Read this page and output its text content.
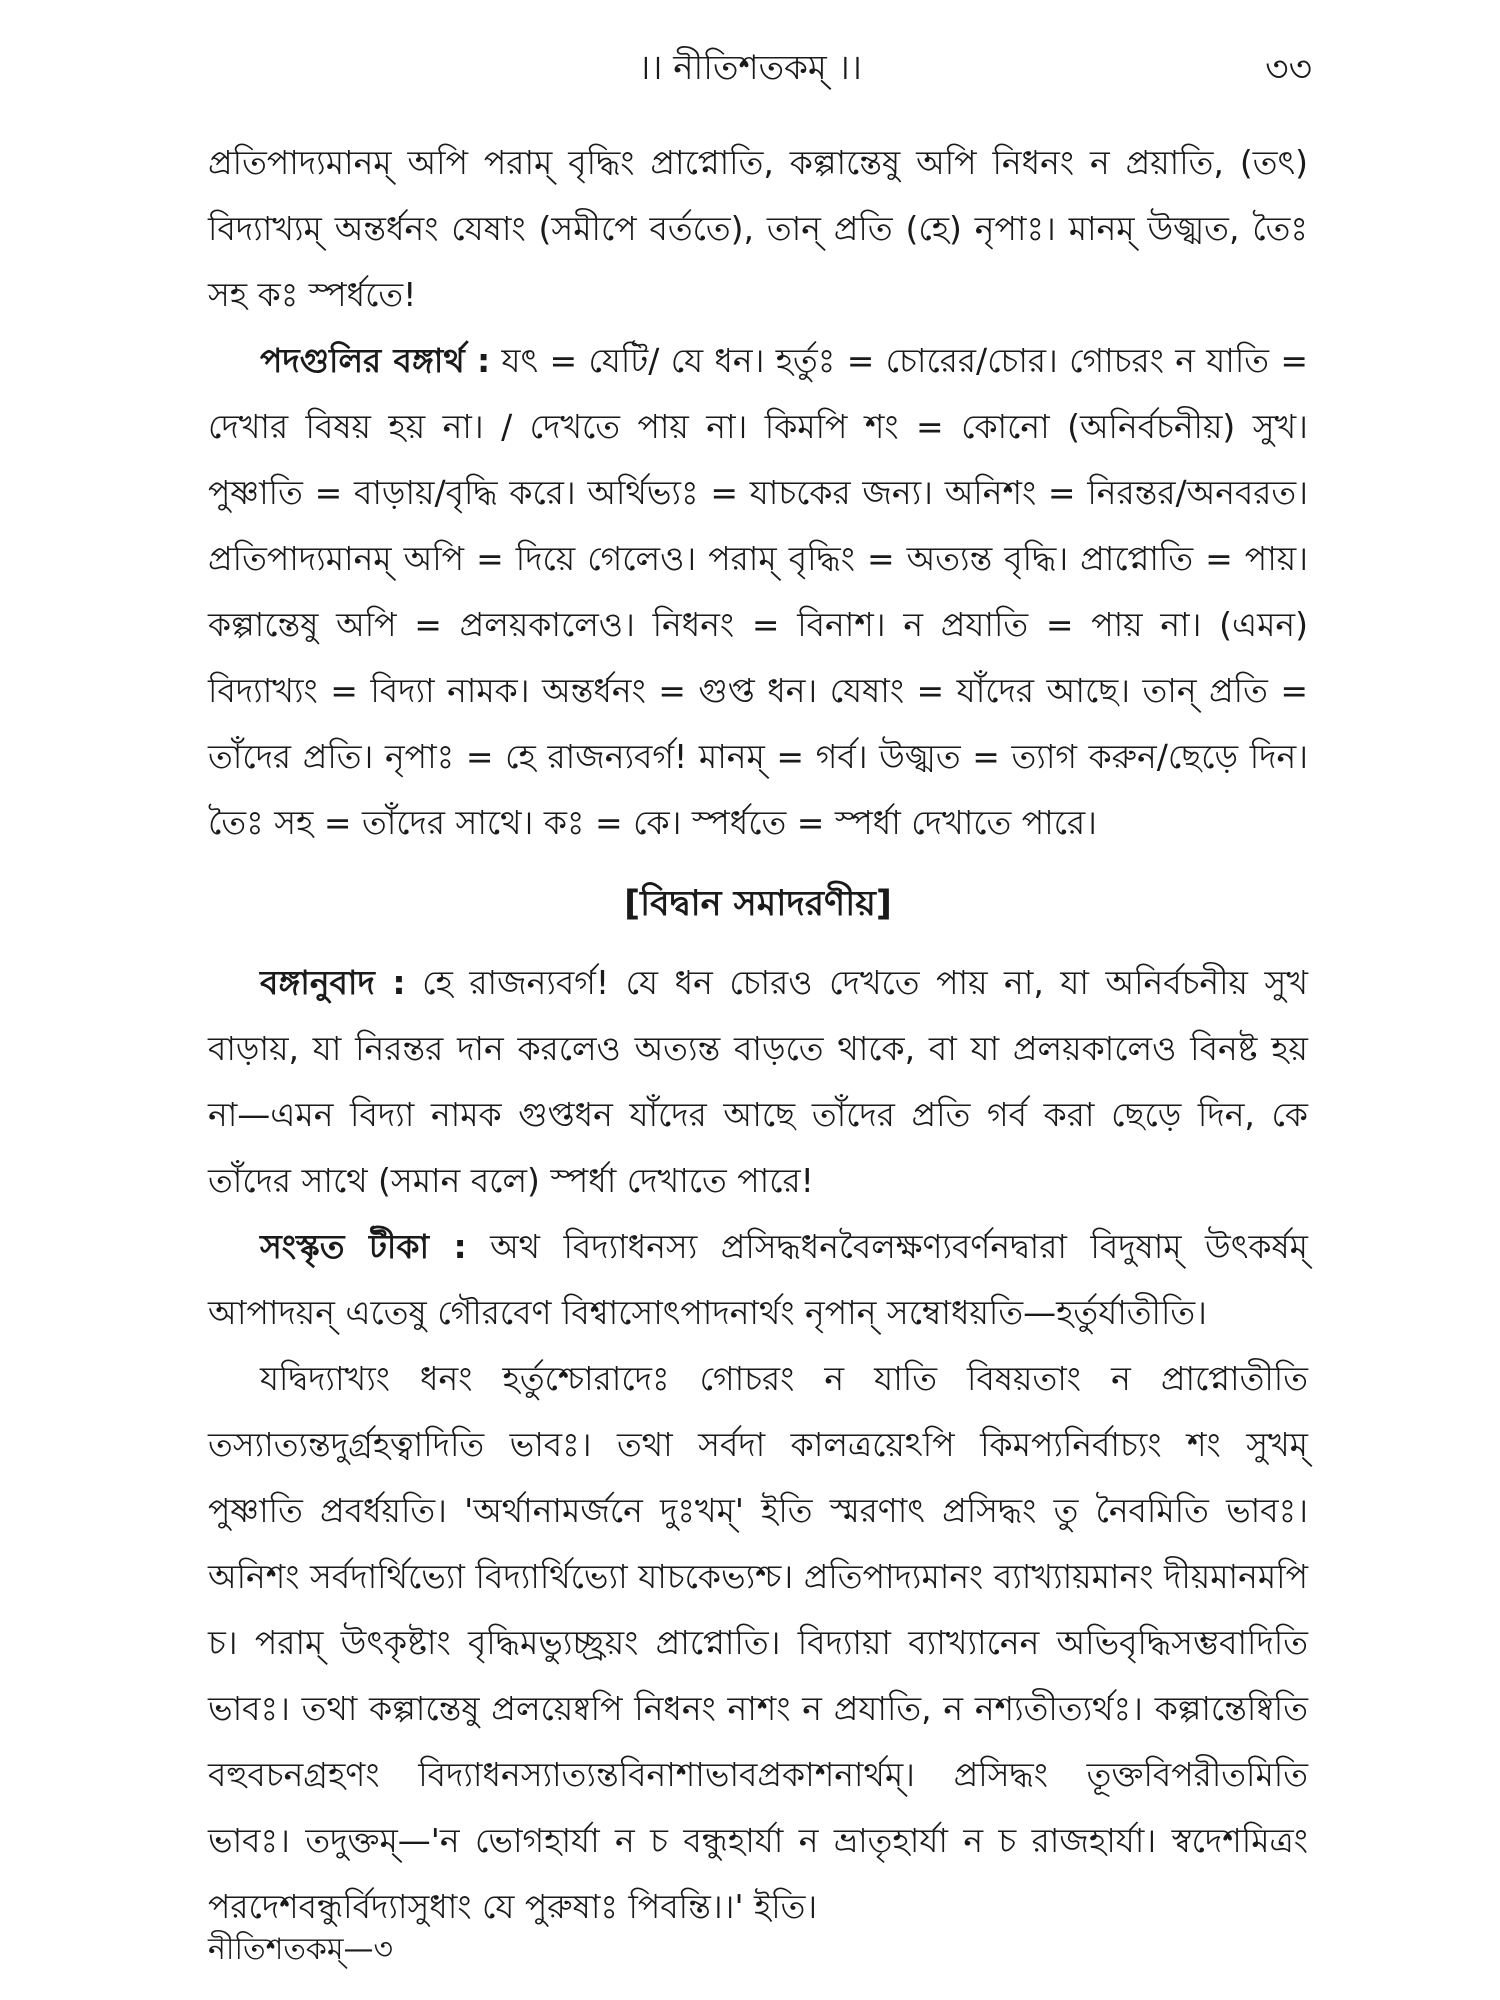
।। নীতিশতকম্ ।।	৩৩

প্রতিপাদ্যমানম্ অপি পরাম্ বৃদ্ধিং প্রাপ্নোতি, কল্পান্তেষু অপি নিধনং ন প্রয়াতি, (তৎ) বিদ্যাখ্যম্ অন্তর্ধনং যেষাং (সমীপে বর্ততে), তান্ প্রতি (হে) নৃপাঃ। মানম্ উজ্ঝত, তৈঃ সহ কঃ স্পর্ধতে!

পদগুলির বঙ্গার্থ : যৎ = যেটি/ যে ধন। হর্তুঃ = চোরের/চোর। গোচরং ন যাতি = দেখার বিষয় হয় না। / দেখতে পায় না। কিমপি শং = কোনো (অনির্বচনীয়) সুখ। পুষ্ণাতি = বাড়ায়/বৃদ্ধি করে। অর্থিভ্যঃ = যাচকের জন্য। অনিশং = নিরন্তর/অনবরত। প্রতিপাদ্যমানম্ অপি = দিয়ে গেলেও। পরাম্ বৃদ্ধিং = অত্যন্ত বৃদ্ধি। প্রাপ্নোতি = পায়। কল্পান্তেষু অপি = প্রলয়কালেও। নিধনং = বিনাশ। ন প্রযাতি = পায় না। (এমন) বিদ্যাখ্যং = বিদ্যা নামক। অন্তর্ধনং = গুপ্ত ধন। যেষাং = যাঁদের আছে। তান্ প্রতি = তাঁদের প্রতি। নৃপাঃ = হে রাজন্যবর্গ! মানম্ = গর্ব। উজ্ঝত = ত্যাগ করুন/ছেড়ে দিন। তৈঃ সহ = তাঁদের সাথে। কঃ = কে। স্পর্ধতে = স্পর্ধা দেখাতে পারে।

[বিদ্বান সমাদরণীয়]

বঙ্গানুবাদ : হে রাজন্যবর্গ! যে ধন চোরও দেখতে পায় না, যা অনির্বচনীয় সুখ বাড়ায়, যা নিরন্তর দান করলেও অত্যন্ত বাড়তে থাকে, বা যা প্রলয়কালেও বিনষ্ট হয় না—এমন বিদ্যা নামক গুপ্তধন যাঁদের আছে তাঁদের প্রতি গর্ব করা ছেড়ে দিন, কে তাঁদের সাথে (সমান বলে) স্পর্ধা দেখাতে পারে!

সংস্কৃত টীকা : অথ বিদ্যাধনস্য প্রসিদ্ধধনবৈলক্ষণ্যবর্ণনদ্বারা বিদুষাম্ উৎকর্ষম্ আপাদয়ন্ এতেষু গৌরবেণ বিশ্বাসোৎপাদনার্থং নৃপান্ সম্বোধয়তি—হর্তুর্যাতীতি।

যদ্বিদ্যাখ্যং ধনং হর্তুশ্চোরাদেঃ গোচরং ন যাতি বিষয়তাং ন প্রাপ্নোতীতি তস্যাত্যন্তদুর্গ্রহত্বাদিতি ভাবঃ। তথা সর্বদা কালত্রয়েঽপি কিমপ্যনির্বাচ্যং শং সুখম্ পুষ্ণাতি প্রবর্ধয়তি। 'অর্থানামর্জনে দুঃখম্' ইতি স্মরণাৎ প্রসিদ্ধং তু নৈবমিতি ভাবঃ। অনিশং সর্বদার্থিভ্যো বিদ্যার্থিভ্যো যাচকেভ্যশ্চ। প্রতিপাদ্যমানং ব্যাখ্যায়মানং দীয়মানমপি চ। পরাম্ উৎকৃষ্টাং বৃদ্ধিমভ্যুচ্ছ্রয়ং প্রাপ্নোতি। বিদ্যায়া ব্যাখ্যানেন অভিবৃদ্ধিসম্ভবাদিতি ভাবঃ। তথা কল্পান্তেষু প্রলয়েষ্বপি নিধনং নাশং ন প্রযাতি, ন নশ্যতীত্যর্থঃ। কল্পান্তেষ্বিতি বহুবচনগ্রহণং বিদ্যাধনস্যাত্যন্তবিনাশাভাবপ্রকাশনার্থম্। প্রসিদ্ধং তূক্তবিপরীতমিতি ভাবঃ। তদুক্তম্—'ন ভোগহার্যা ন চ বন্ধুহার্যা ন ভ্রাতৃহার্যা ন চ রাজহার্যা। স্বদেশমিত্রং পরদেশবন্ধুর্বিদ্যাসুধাং যে পুরুষাঃ পিবন্তি।।' ইতি।

নীতিশতকম্—৩
